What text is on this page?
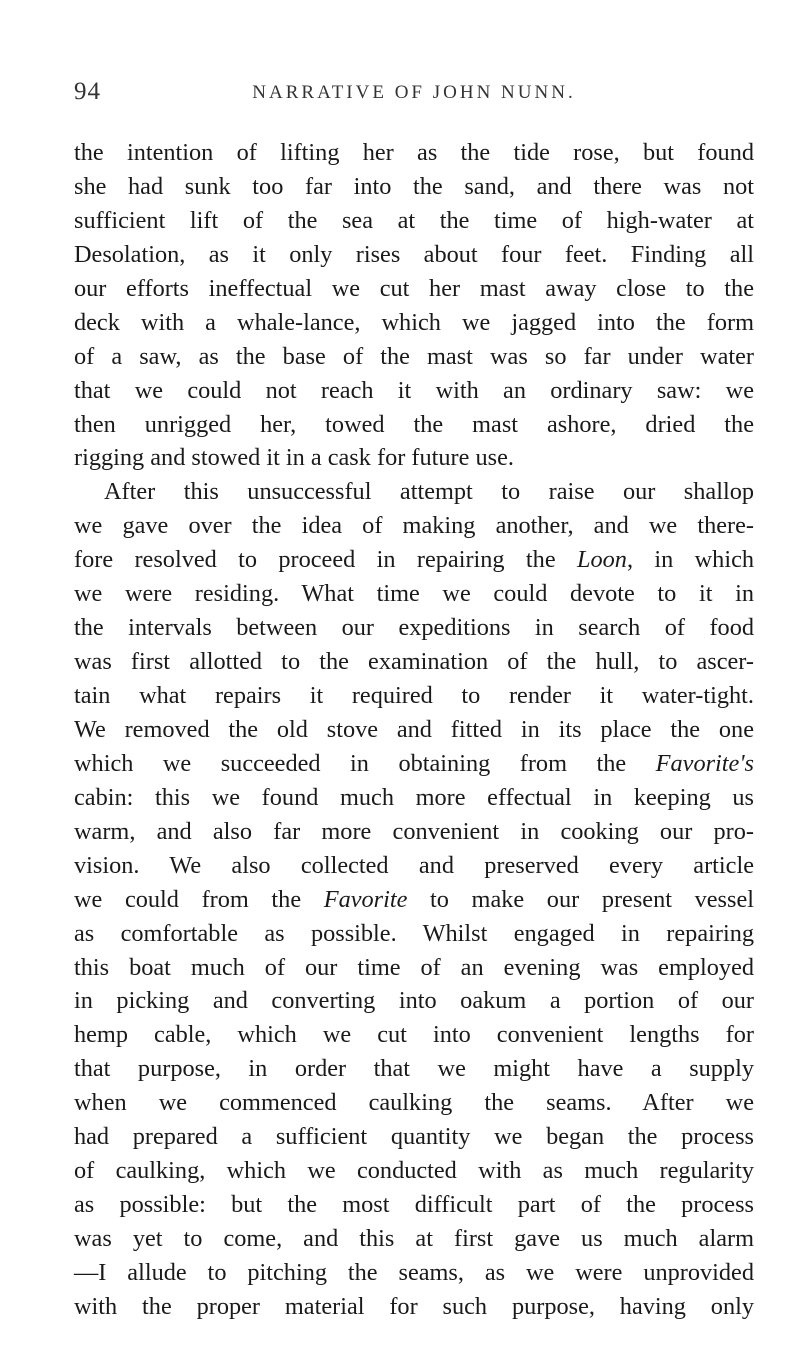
94	NARRATIVE OF JOHN NUNN.
the intention of lifting her as the tide rose, but found
she had sunk too far into the sand, and there was not
sufficient lift of the sea at the time of high-water at
Desolation, as it only rises about four feet. Finding all
our efforts ineffectual we cut her mast away close to the
deck with a whale-lance, which we jagged into the form
of a saw, as the base of the mast was so far under water
that we could not reach it with an ordinary saw: we
then unrigged her, towed the mast ashore, dried the
rigging and stowed it in a cask for future use.
After this unsuccessful attempt to raise our shallop
we gave over the idea of making another, and we there-
fore resolved to proceed in repairing the Loon, in which
we were residing. What time we could devote to it in
the intervals between our expeditions in search of food
was first allotted to the examination of the hull, to ascer-
tain what repairs it required to render it water-tight.
We removed the old stove and fitted in its place the one
which we succeeded in obtaining from the Favorite's
cabin: this we found much more effectual in keeping us
warm, and also far more convenient in cooking our pro-
vision. We also collected and preserved every article
we could from the Favorite to make our present vessel
as comfortable as possible. Whilst engaged in repairing
this boat much of our time of an evening was employed
in picking and converting into oakum a portion of our
hemp cable, which we cut into convenient lengths for
that purpose, in order that we might have a supply
when we commenced caulking the seams. After we
had prepared a sufficient quantity we began the process
of caulking, which we conducted with as much regularity
as possible: but the most difficult part of the process
was yet to come, and this at first gave us much alarm
—I allude to pitching the seams, as we were unprovided
with the proper material for such purpose, having only
